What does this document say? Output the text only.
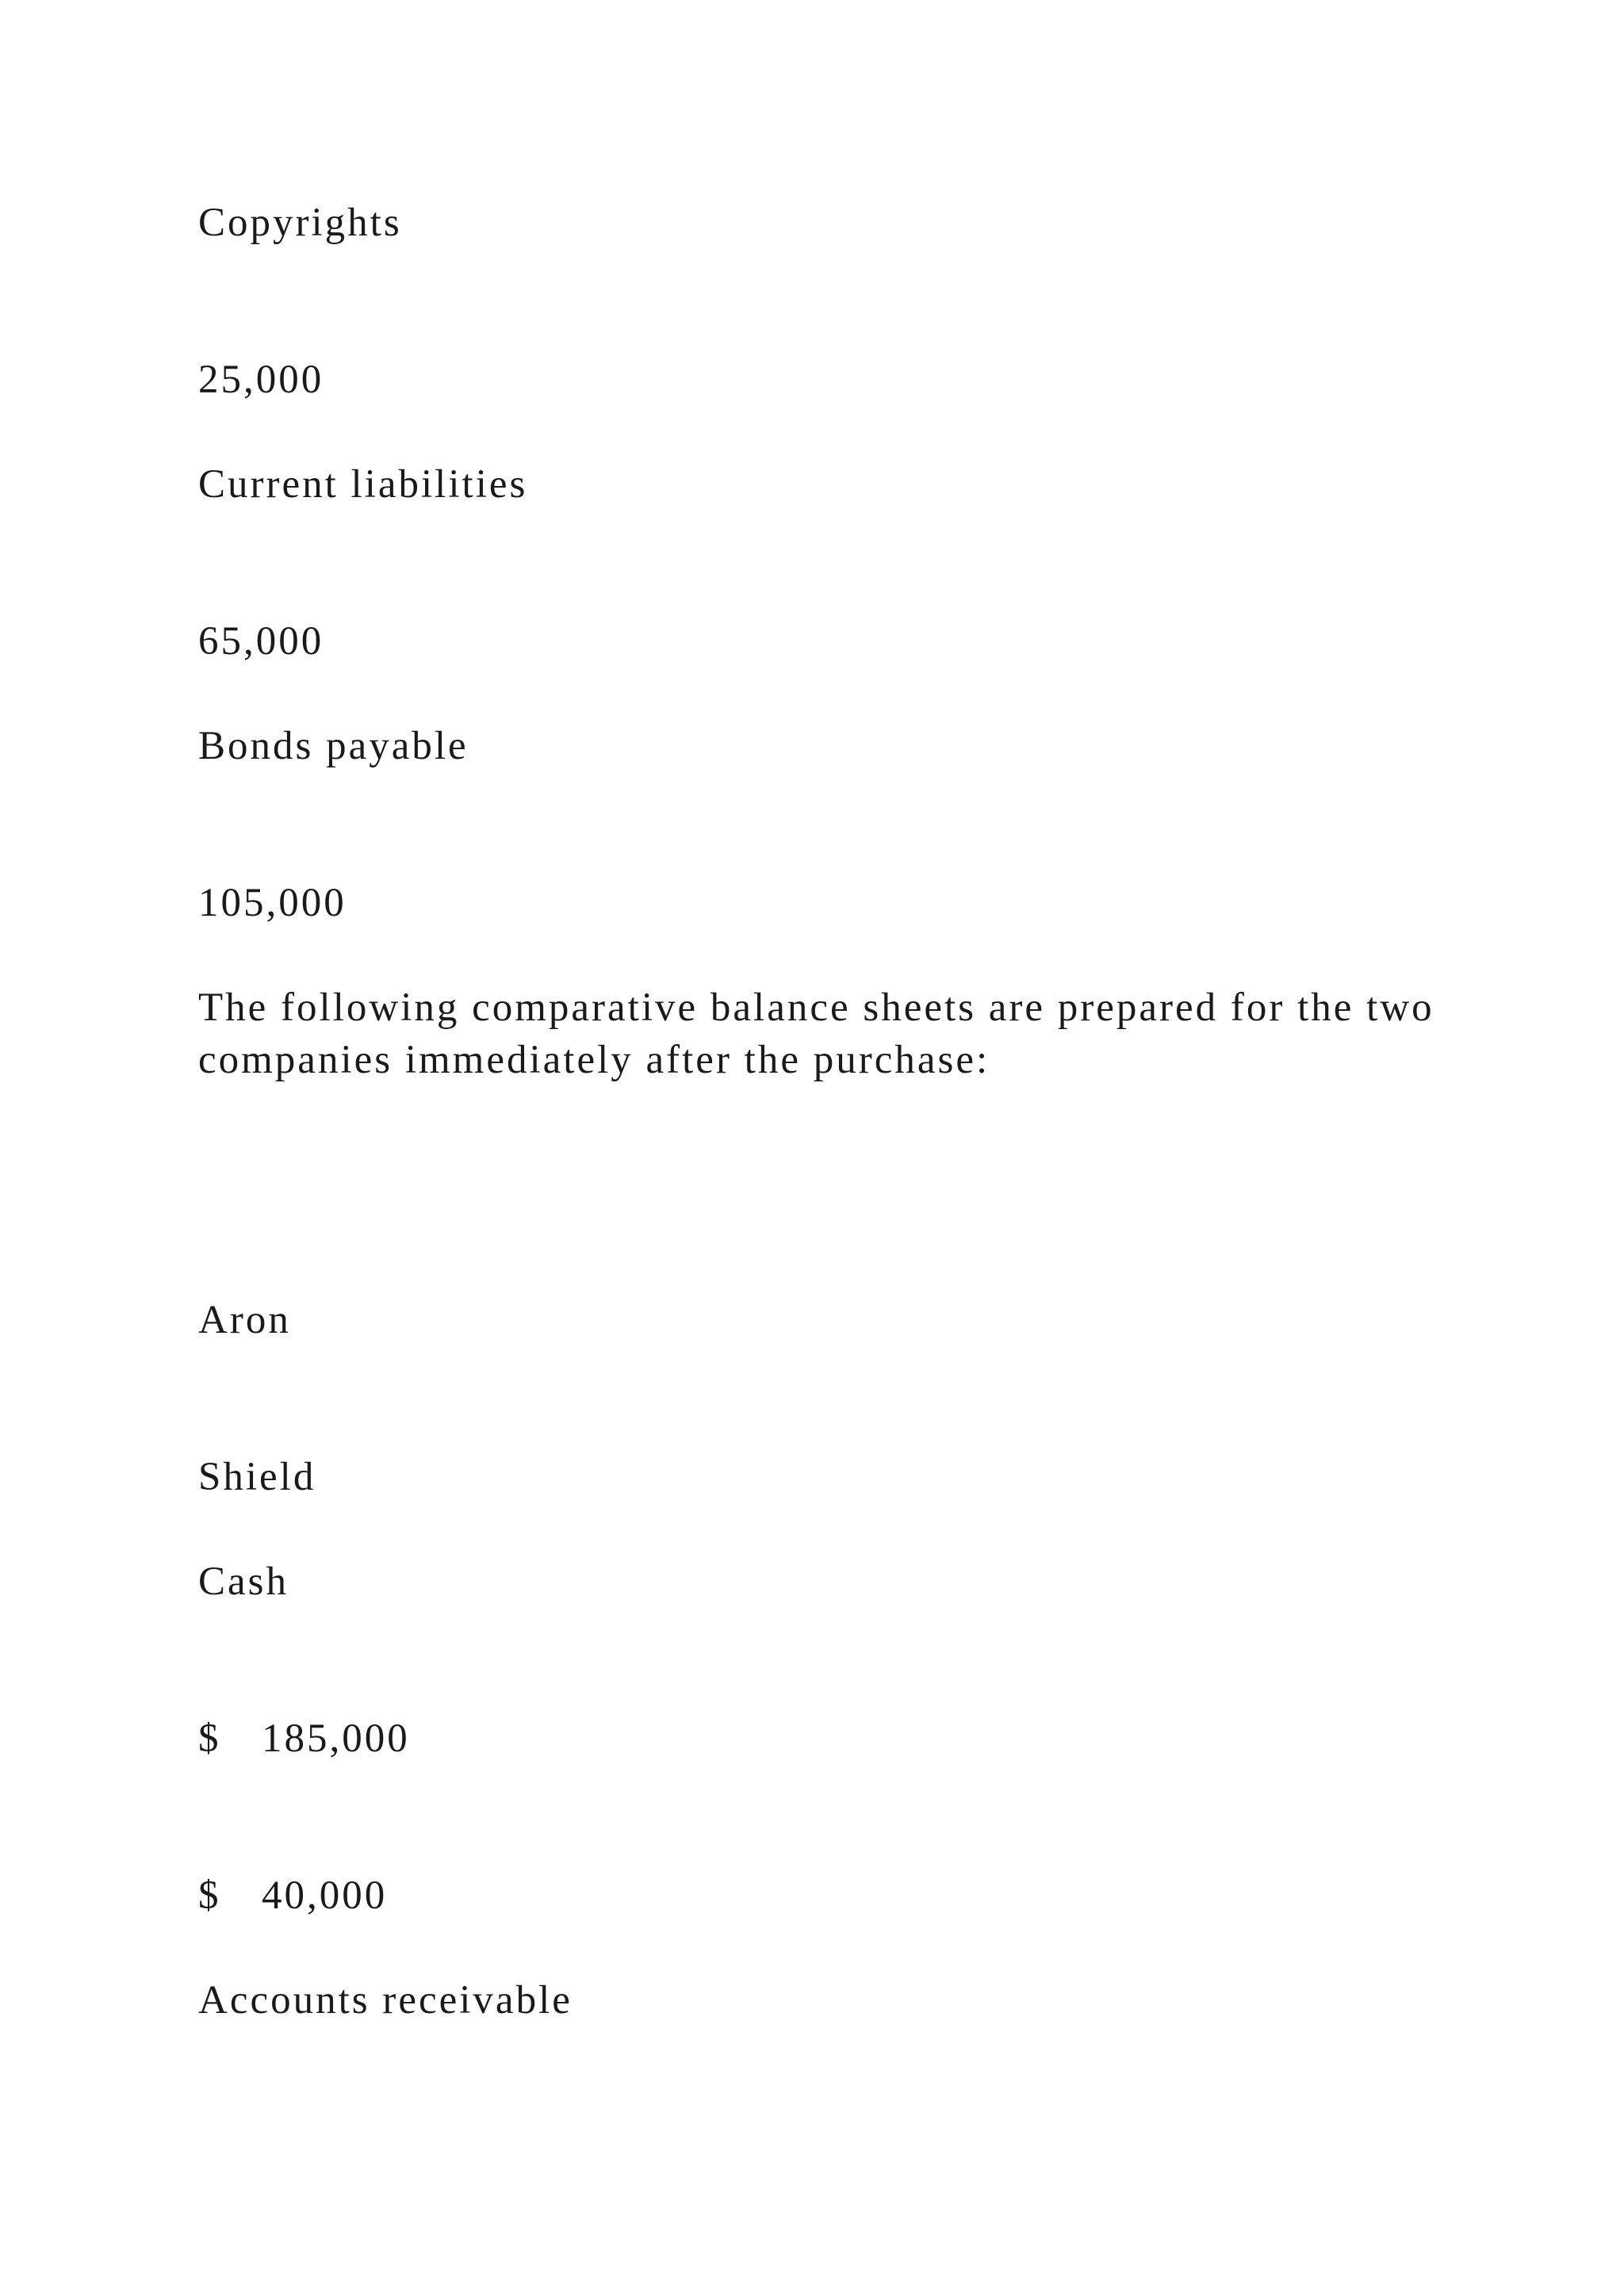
Copyrights

25,000

Current liabilities

65,000

Bonds payable

105,000

The following comparative balance sheets are prepared for the two companies immediately after the purchase:

Aron

Shield

Cash

$ 185,000

$ 40,000

Accounts receivable
